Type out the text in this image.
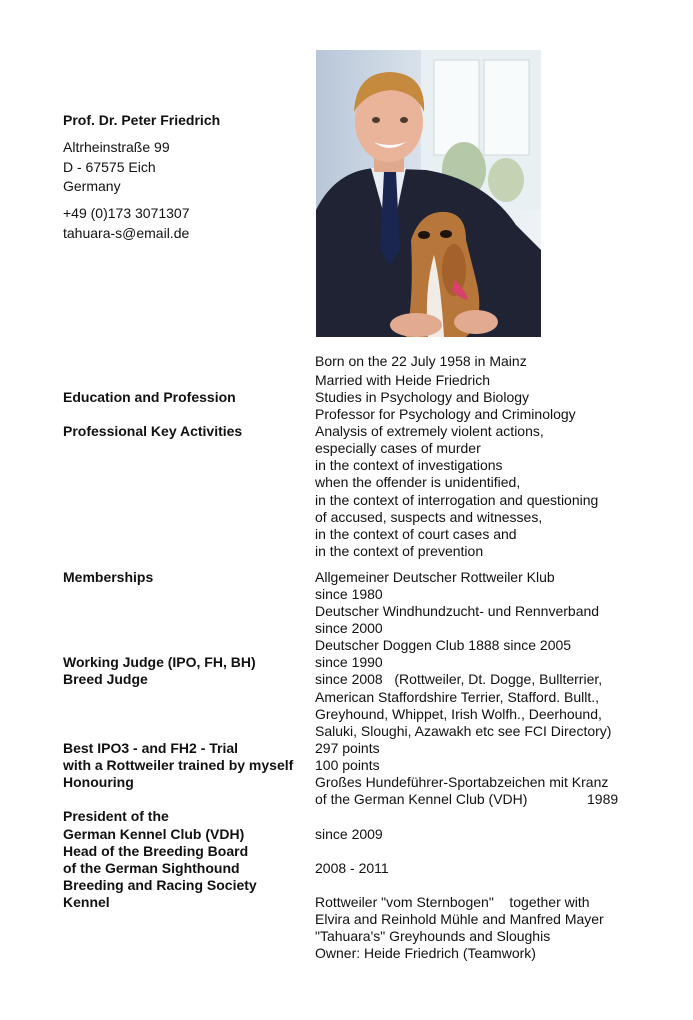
Prof. Dr. Peter Friedrich
Altrheinstraße 99
D - 67575 Eich
Germany
+49 (0)173 3071307
tahuara-s@email.de
Born on the 22 July 1958 in Mainz
Married with Heide Friedrich
Education and Profession	Studies in Psychology and Biology
Professor for Psychology and Criminology
Professional Key Activities	Analysis of extremely violent actions,
especially cases of murder
in the context of investigations
when the offender is unidentified,
in the context of interrogation and questioning
of accused, suspects and witnesses,
in the context of court cases and
in the context of prevention
Memberships	Allgemeiner Deutscher Rottweiler Klub
since 1980
Deutscher Windhundzucht- und Rennverband
since 2000
Deutscher Doggen Club 1888 since 2005
Working Judge (IPO, FH, BH)	since 1990
Breed Judge	since 2008   (Rottweiler, Dt. Dogge, Bullterrier,
American Staffordshire Terrier, Stafford. Bullt.,
Greyhound, Whippet, Irish Wolfh., Deerhound,
Saluki, Sloughi, Azawakh etc see FCI Directory)
Best IPO3 - and FH2 - Trial	297 points
with a Rottweiler trained by myself 100 points
Honouring	Großes Hundeführer-Sportabzeichen mit Kranz
of the German Kennel Club (VDH)	1989
President of the
German Kennel Club (VDH)	since 2009
Head of the Breeding Board
of the German Sighthound	2008 - 2011
Breeding and Racing Society
Kennel	Rottweiler "vom Sternbogen"    together with
Elvira and Reinhold Mühle and Manfred Mayer
"Tahuara's" Greyhounds and Sloughis
Owner: Heide Friedrich (Teamwork)
